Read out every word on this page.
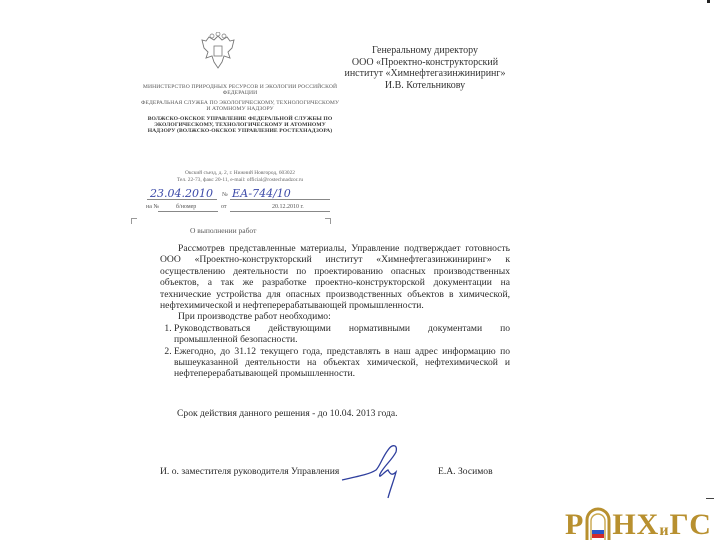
МИНИСТЕРСТВО ПРИРОДНЫХ РЕСУРСОВ И ЭКОЛОГИИ РОССИЙСКОЙ ФЕДЕРАЦИИ

ФЕДЕРАЛЬНАЯ СЛУЖБА ПО ЭКОЛОГИЧЕСКОМУ, ТЕХНОЛОГИЧЕСКОМУ И АТОМНОМУ НАДЗОРУ

ВОЛЖСКО-ОКСКОЕ УПРАВЛЕНИЕ ФЕДЕРАЛЬНОЙ СЛУЖБЫ ПО ЭКОЛОГИЧЕСКОМУ, ТЕХНОЛОГИЧЕСКОМУ И АТОМНОМУ НАДЗОРУ (ВОЛЖСКО-ОКСКОЕ УПРАВЛЕНИЕ РОСТЕХНАДЗОРА)

Окский съезд, д. 2, г. Нижний Новгород, 603022
Тел. 22-73, факс 20-11, e-mail: official@rostechnadzor.ru
Генеральному директору
ООО «Проектно-конструкторский
институт «Химнефтегазинжиниринг»
И.В. Котельникову
23.04.2010 № ЕА-744/10
на №	б/номер	от	20.12.2010 г.
О выполнении работ

Рассмотрев представленные материалы, Управление подтверждает готовность ООО «Проектно-конструкторский институт «Химнефтегазинжиниринг» к осуществлению деятельности по проектированию опасных производственных объектов, а так же разработке проектно-конструкторской документации на технические устройства для опасных производственных объектов в химической, нефтехимической и нефтеперерабатывающей промышленности.

При производстве работ необходимо:

1. Руководствоваться действующими нормативными документами по промышленной безопасности.
2. Ежегодно, до 31.12 текущего года, представлять в наш адрес информацию по вышеуказанной деятельности на объектах химической, нефтехимической и нефтеперерабатывающей промышленности.
Срок действия данного решения - до 10.04. 2013 года.
И. о. заместителя руководителя Управления	Е.А. Зосимов
Р НХ и ГС
